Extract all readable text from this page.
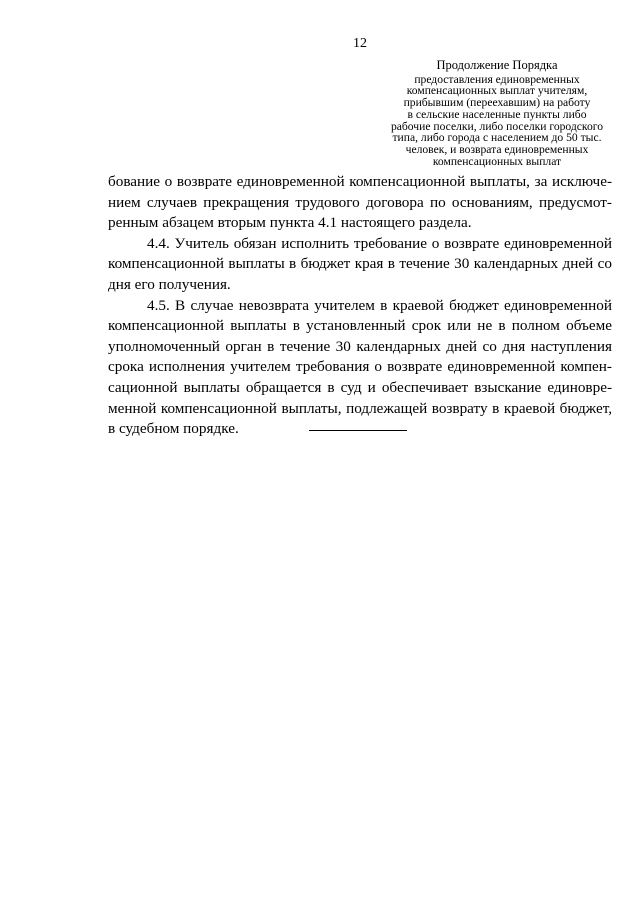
12
Продолжение Порядка
предоставления единовременных
компенсационных выплат учителям,
прибывшим (переехавшим) на работу
в сельские населенные пункты либо
рабочие поселки, либо поселки городского
типа, либо города с населением до 50 тыс.
человек, и возврата единовременных
компенсационных выплат
бование о возврате единовременной компенсационной выплаты, за исключе-
нием случаев прекращения трудового договора по основаниям, предусмот-
ренным абзацем вторым пункта 4.1 настоящего раздела.
4.4. Учитель обязан исполнить требование о возврате единовременной
компенсационной выплаты в бюджет края в течение 30 календарных дней со
дня его получения.
4.5. В случае невозврата учителем в краевой бюджет единовременной
компенсационной выплаты в установленный срок или не в полном объеме
уполномоченный орган в течение 30 календарных дней со дня наступления
срока исполнения учителем требования о возврате единовременной компен-
сационной выплаты обращается в суд и обеспечивает взыскание единовре-
менной компенсационной выплаты, подлежащей возврату в краевой бюджет,
в судебном порядке.
